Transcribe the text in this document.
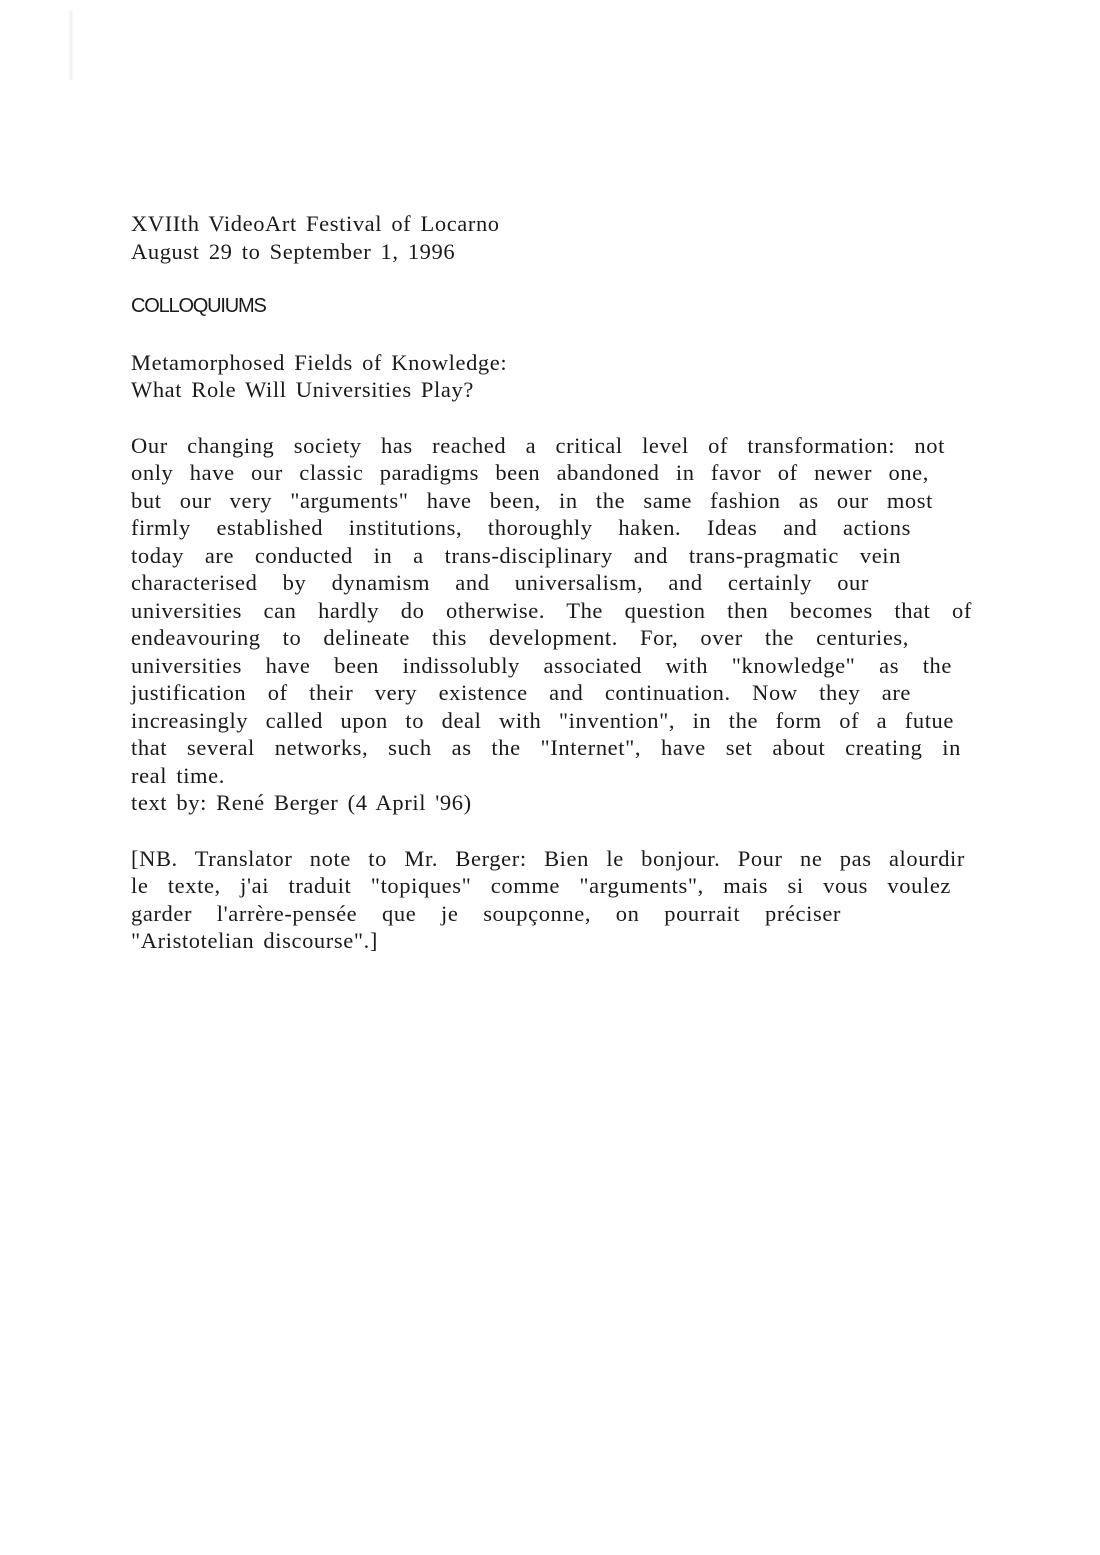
XVIIth VideoArt Festival of Locarno
August 29 to September 1, 1996
COLLOQUIUMS
Metamorphosed Fields of Knowledge:
What Role Will Universities Play?
Our changing society has reached a critical level of transformation: not
only have our classic paradigms been abandoned in favor of newer one,
but our very "arguments" have been, in the same fashion as our most
firmly established institutions, thoroughly haken. Ideas and actions
today are conducted in a trans-disciplinary and trans-pragmatic vein
characterised by dynamism and universalism, and certainly our
universities can hardly do otherwise. The question then becomes that of
endeavouring to delineate this development. For, over the centuries,
universities have been indissolubly associated with "knowledge" as the
justification of their very existence and continuation. Now they are
increasingly called upon to deal with "invention", in the form of a futue
that several networks, such as the "Internet", have set about creating in
real time.
text by: René Berger (4 April '96)
[NB. Translator note to Mr. Berger: Bien le bonjour. Pour ne pas alourdir
le texte, j'ai traduit "topiques" comme "arguments", mais si vous voulez
garder l'arrère-pensée que je soupçonne, on pourrait préciser
"Aristotelian discourse".]
